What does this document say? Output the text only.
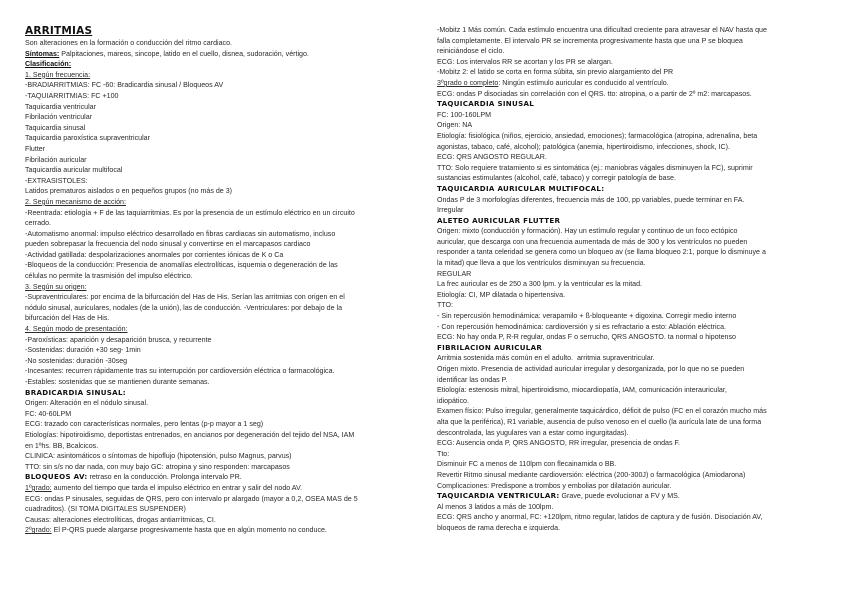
ARRITMIAS
Son alteraciones en la formación o conducción del ritmo cardiaco.
Síntomas: Palpitaciones, mareos, sincope, latido en el cuello, disnea, sudoración, vértigo.
Clasificación:
1. Según frecuencia:
-BRADIARRITMIAS: FC -60: Bradicardia sinusal / Bloqueos AV
-TAQUIARRITMIAS: FC +100
Taquicardia ventricular
Fibrilación ventricular
Taquicardia sinusal
Taquicardia paroxística supraventricular
Flutter
Fibrilación auricular
Taquicardia auricular multifocal
-EXTRASISTOLES:
Latidos prematuros aislados o en pequeños grupos (no más de 3)
2. Según mecanismo de acción:
-Reentrada: etiología + F de las taquiarritmias. Es por la presencia de un estímulo eléctrico en un circuito
cerrado.
-Automatismo anormal: impulso eléctrico desarrollado en fibras cardiacas sin automatismo, incluso
pueden sobrepasar la frecuencia del nodo sinusal y convertirse en el marcapasos cardiaco
-Actividad gatillada: despolarizaciones anormales por corrientes iónicas de K o Ca
-Bloqueos de la conducción: Presencia de anomalías electrolíticas, isquemia o degeneración de las
células no permite la trasmisión del impulso eléctrico.
3. Según su origen:
-Supraventriculares: por encima de la bifurcación del Has de His. Serían las arritmias con origen en el
nódulo sinusal, auriculares, nodales (de la unión), las de conducción. -Ventriculares: por debajo de la
bifurcación del Has de His.
4. Según modo de presentación:
-Paroxísticas: aparición y desaparición brusca, y recurrente
-Sostenidas: duración +30 seg- 1min
-No sostenidas: duración -30seg
-Incesantes: recurren rápidamente tras su interrupción por cardioversión eléctrica o farmacológica.
-Estables: sostenidas que se mantienen durante semanas.
BRADICARDIA SINUSAL:
Origen: Alteración en el nódulo sinusal.
FC: 40-60LPM
ECG: trazado con características normales, pero lentas (p-p mayor a 1 seg)
Etiologías: hipotiroidismo, deportistas entrenados, en ancianos por degeneración del tejido del NSA, IAM
en 1ºhs. BB, Bcalcicos.
CLINICA: asintomáticos o síntomas de hipoflujo (hipotensión, pulso Magnus, parvus)
TTO: sin s/s no dar nada, con muy bajo GC: atropina y sino responden: marcapasos
BLOQUEOS AV: retraso en la conducción. Prolonga intervalo PR.
1ºgrado: aumento del tiempo que tarda el impulso eléctrico en entrar y salir del nodo AV.
ECG: ondas P sinusales, seguidas de QRS, pero con intervalo pr alargado (mayor a 0,2, OSEA MAS de 5
cuadraditos). (SI TOMA DIGITALES SUSPENDER)
Causas: alteraciones electrolíticas, drogas antiarrítmicas, CI.
2ºgrado: El P-QRS puede alargarse progresivamente hasta que en algún momento no conduce.
-Mobitz 1 Más común. Cada estímulo encuentra una dificultad creciente para atravesar el NAV hasta que
falla completamente. El intervalo PR se incrementa progresivamente hasta que una P se bloquea
reiniciándose el ciclo.
ECG: Los intervalos RR se acortan y los PR se alargan.
-Mobitz 2: el latido se corta en forma súbita, sin previo alargamiento del PR
3ºgrado o completo: Ningún estímulo auricular es conducido al ventrículo.
ECG: ondas P disociadas sin correlación con el QRS. tto: atropina, o a partir de 2º m2: marcapasos.
TAQUICARDIA SINUSAL
FC: 100-160LPM
Origen: NA
Etiología: fisiológica (niños, ejercicio, ansiedad, emociones); farmacológica (atropina, adrenalina, beta
agonistas, tabaco, café, alcohol); patológica (anemia, hipertiroidismo, infecciones, shock, IC).
ECG: QRS ANGOSTO REGULAR.
TTO: Solo requiere tratamiento si es sintomática (ej.: maniobras vágales disminuyen la FC), suprimir
sustancias estimulantes (alcohol, café, tabaco) y corregir patología de base.
TAQUICARDIA AURICULAR MULTIFOCAL:
Ondas P de 3 morfologías diferentes, frecuencia más de 100, pp variables, puede terminar en FA.
Irregular
ALETEO AURICULAR FLUTTER
Origen: mixto (conducción y formación). Hay un estímulo regular y continuo de un foco ectópico
auricular, que descarga con una frecuencia aumentada de más de 300 y los ventrículos no pueden
responder a tanta celeridad se genera como un bloqueo av (se llama bloqueo 2:1, porque lo disminuye a
la mitad) que lleva a que los ventrículos disminuyan su frecuencia.
REGULAR
La frec auricular es de 250 a 300 lpm. y la ventricular es la mitad.
Etiología: CI, MP dilatada o hipertensiva.
TTO:
- Sin repercusión hemodinámica: verapamilo + ß-bloqueante + digoxina. Corregir medio interno
- Con repercusión hemodinámica: cardioversión y si es refractario a esto: Ablación eléctrica.
ECG: No hay onda P, R-R regular, ondas F o serrucho, QRS ANGOSTO. ta normal o hipotenso
FIBRILACION AURICULAR
Arritmia sostenida más común en el adulto.  arritmia supraventricular.
Origen mixto. Presencia de actividad auricular irregular y desorganizada, por lo que no se pueden
identificar las ondas P.
Etiología: estenosis mitral, hipertiroidismo, miocardiopatía, IAM, comunicación interauricular,
idiopático.
Examen físico: Pulso irregular, generalmente taquicárdico, déficit de pulso (FC en el corazón mucho más
alta que la periférica), R1 variable, ausencia de pulso venoso en el cuello (la aurícula late de una forma
descontrolada, las yugulares van a estar como ingurgitadas).
ECG: Ausencia onda P, QRS ANGOSTO, RR irregular, presencia de ondas F.
Tto:
Disminuir FC a menos de 110lpm con flecainamida o BB.
Revertir Ritmo sinusal mediante cardioversión: eléctrica (200-300J) o farmacológica (Amiodarona)
Complicaciones: Predispone a trombos y embolias por dilatación auricular.
TAQUICARDIA VENTRICULAR: Grave, puede evolucionar a FV y MS.
Al menos 3 latidos a más de 100lpm.
ECG: QRS ancho y anormal, FC: +120lpm, ritmo regular, latidos de captura y de fusión. Disociación AV,
bloqueos de rama derecha e izquierda.
